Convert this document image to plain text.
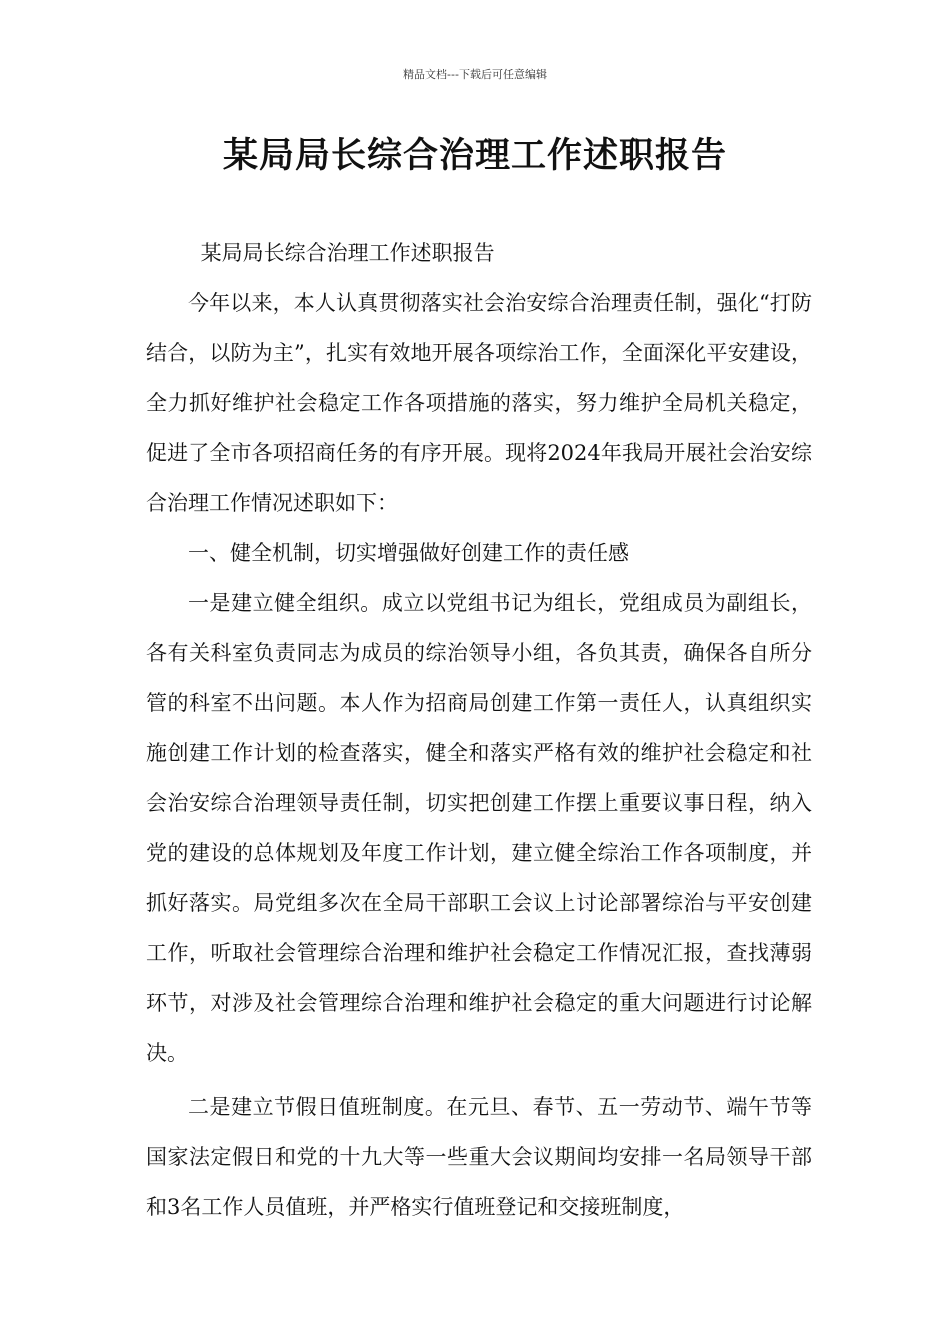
精品文档---下载后可任意编辑
某局局长综合治理工作述职报告

某局局长综合治理工作述职报告

今年以来，本人认真贯彻落实社会治安综合治理责任制，强化“打防结合，以防为主”，扎实有效地开展各项综治工作，全面深化平安建设，全力抓好维护社会稳定工作各项措施的落实，努力维护全局机关稳定，促进了全市各项招商任务的有序开展。现将2024年我局开展社会治安综合治理工作情况述职如下：

一、健全机制，切实增强做好创建工作的责任感

一是建立健全组织。成立以党组书记为组长，党组成员为副组长，各有关科室负责同志为成员的综治领导小组，各负其责，确保各自所分管的科室不出问题。本人作为招商局创建工作第一责任人，认真组织实施创建工作计划的检查落实，健全和落实严格有效的维护社会稳定和社会治安综合治理领导责任制，切实把创建工作摆上重要议事日程，纳入党的建设的总体规划及年度工作计划，建立健全综治工作各项制度，并抓好落实。局党组多次在全局干部职工会议上讨论部署综治与平安创建工作，听取社会管理综合治理和维护社会稳定工作情况汇报，查找薄弱环节，对涉及社会管理综合治理和维护社会稳定的重大问题进行讨论解决。

二是建立节假日值班制度。在元旦、春节、五一劳动节、端午节等国家法定假日和党的十九大等一些重大会议期间均安排一名局领导干部和3名工作人员值班，并严格实行值班登记和交接班制度，
